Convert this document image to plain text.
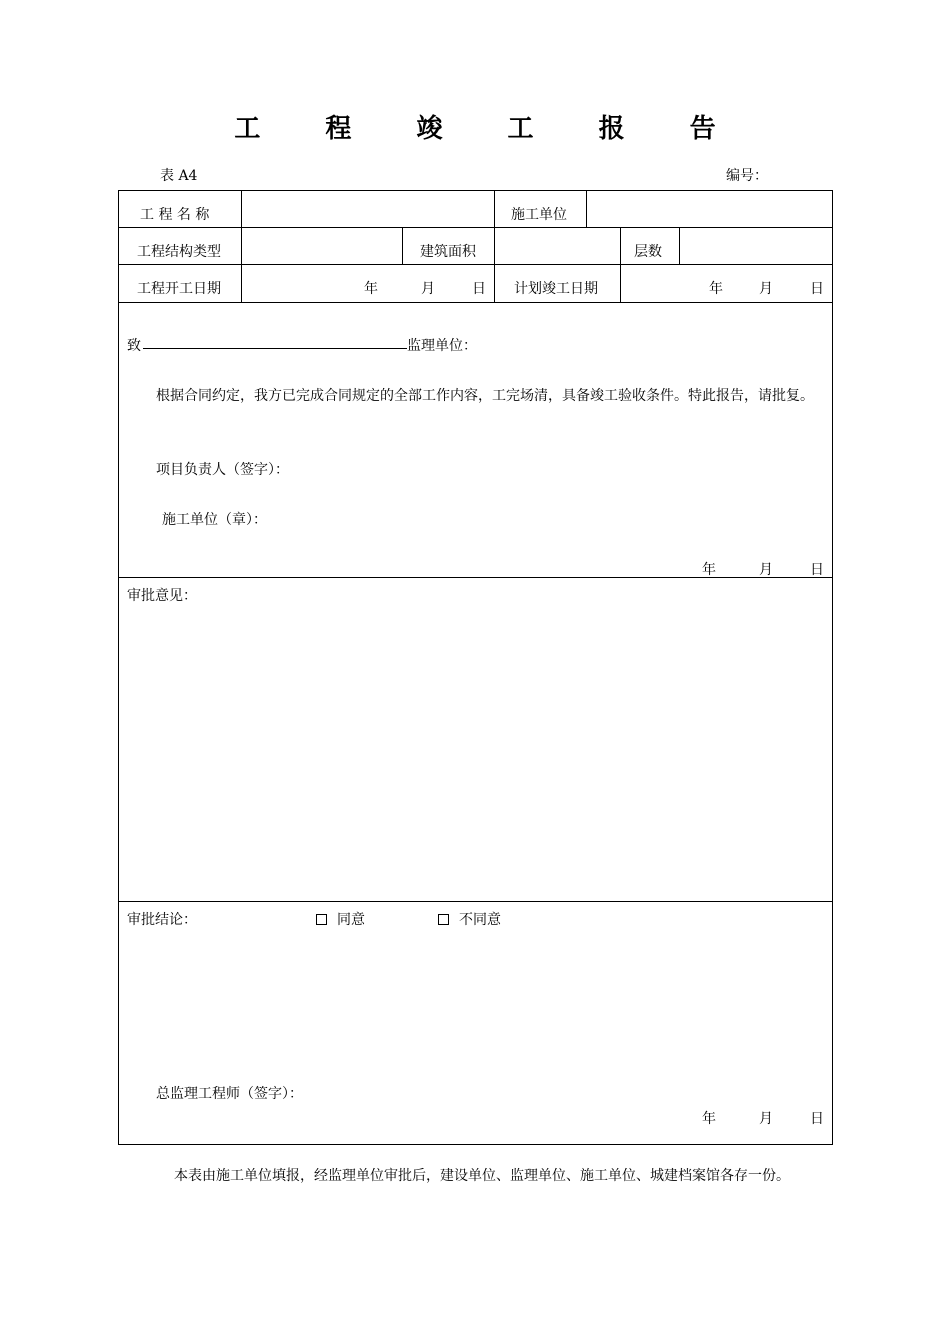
工 程 竣 工 报 告
表 A4	编号：
工 程 名 称	施工单位
工程结构类型	建筑面积	层数
工程开工日期	年	月	日 计划竣工日期	年	月	日
致	监理单位：
根据合同约定，我方已完成合同规定的全部工作内容，工完场清，具备竣工验收条件。特此报告，请批复。
项目负责人（签字）：
施工单位（章）：
年	月	日
审批意见：
审批结论：	同意	不同意
总监理工程师（签字）：
年	月	日
本表由施工单位填报，经监理单位审批后，建设单位、监理单位、施工单位、城建档案馆各存一份。
